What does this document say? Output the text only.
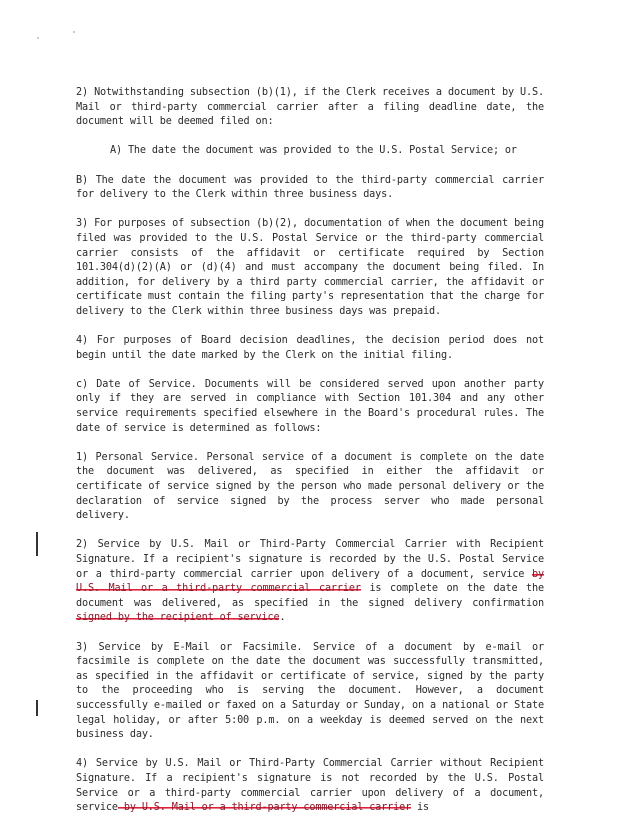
2) Notwithstanding subsection (b)(1), if the Clerk receives a document by U.S. Mail or third-party commercial carrier after a filing deadline date, the document will be deemed filed on:

A) The date the document was provided to the U.S. Postal Service; or

B) The date the document was provided to the third-party commercial carrier for delivery to the Clerk within three business days.

3) For purposes of subsection (b)(2), documentation of when the document being filed was provided to the U.S. Postal Service or the third-party commercial carrier consists of the affidavit or certificate required by Section 101.304(d)(2)(A) or (d)(4) and must accompany the document being filed. In addition, for delivery by a third party commercial carrier, the affidavit or certificate must contain the filing party's representation that the charge for delivery to the Clerk within three business days was prepaid.

4) For purposes of Board decision deadlines, the decision period does not begin until the date marked by the Clerk on the initial filing.

c) Date of Service. Documents will be considered served upon another party only if they are served in compliance with Section 101.304 and any other service requirements specified elsewhere in the Board's procedural rules. The date of service is determined as follows:

1) Personal Service. Personal service of a document is complete on the date the document was delivered, as specified in either the affidavit or certificate of service signed by the person who made personal delivery or the declaration of service signed by the process server who made personal delivery.

2) Service by U.S. Mail or Third-Party Commercial Carrier with Recipient Signature. If a recipient's signature is recorded by the U.S. Postal Service or a third-party commercial carrier upon delivery of a document, service by U.S. Mail or a third-party commercial carrier is complete on the date the document was delivered, as specified in the signed delivery confirmation signed by the recipient of service.

3) Service by E-Mail or Facsimile. Service of a document by e-mail or facsimile is complete on the date the document was successfully transmitted, as specified in the affidavit or certificate of service, signed by the party to the proceeding who is serving the document. However, a document successfully e-mailed or faxed on a Saturday or Sunday, on a national or State legal holiday, or after 5:00 p.m. on a weekday is deemed served on the next business day.

4) Service by U.S. Mail or Third-Party Commercial Carrier without Recipient Signature. If a recipient's signature is not recorded by the U.S. Postal Service or a third-party commercial carrier upon delivery of a document, service by U.S. Mail or a third-party commercial carrier is
